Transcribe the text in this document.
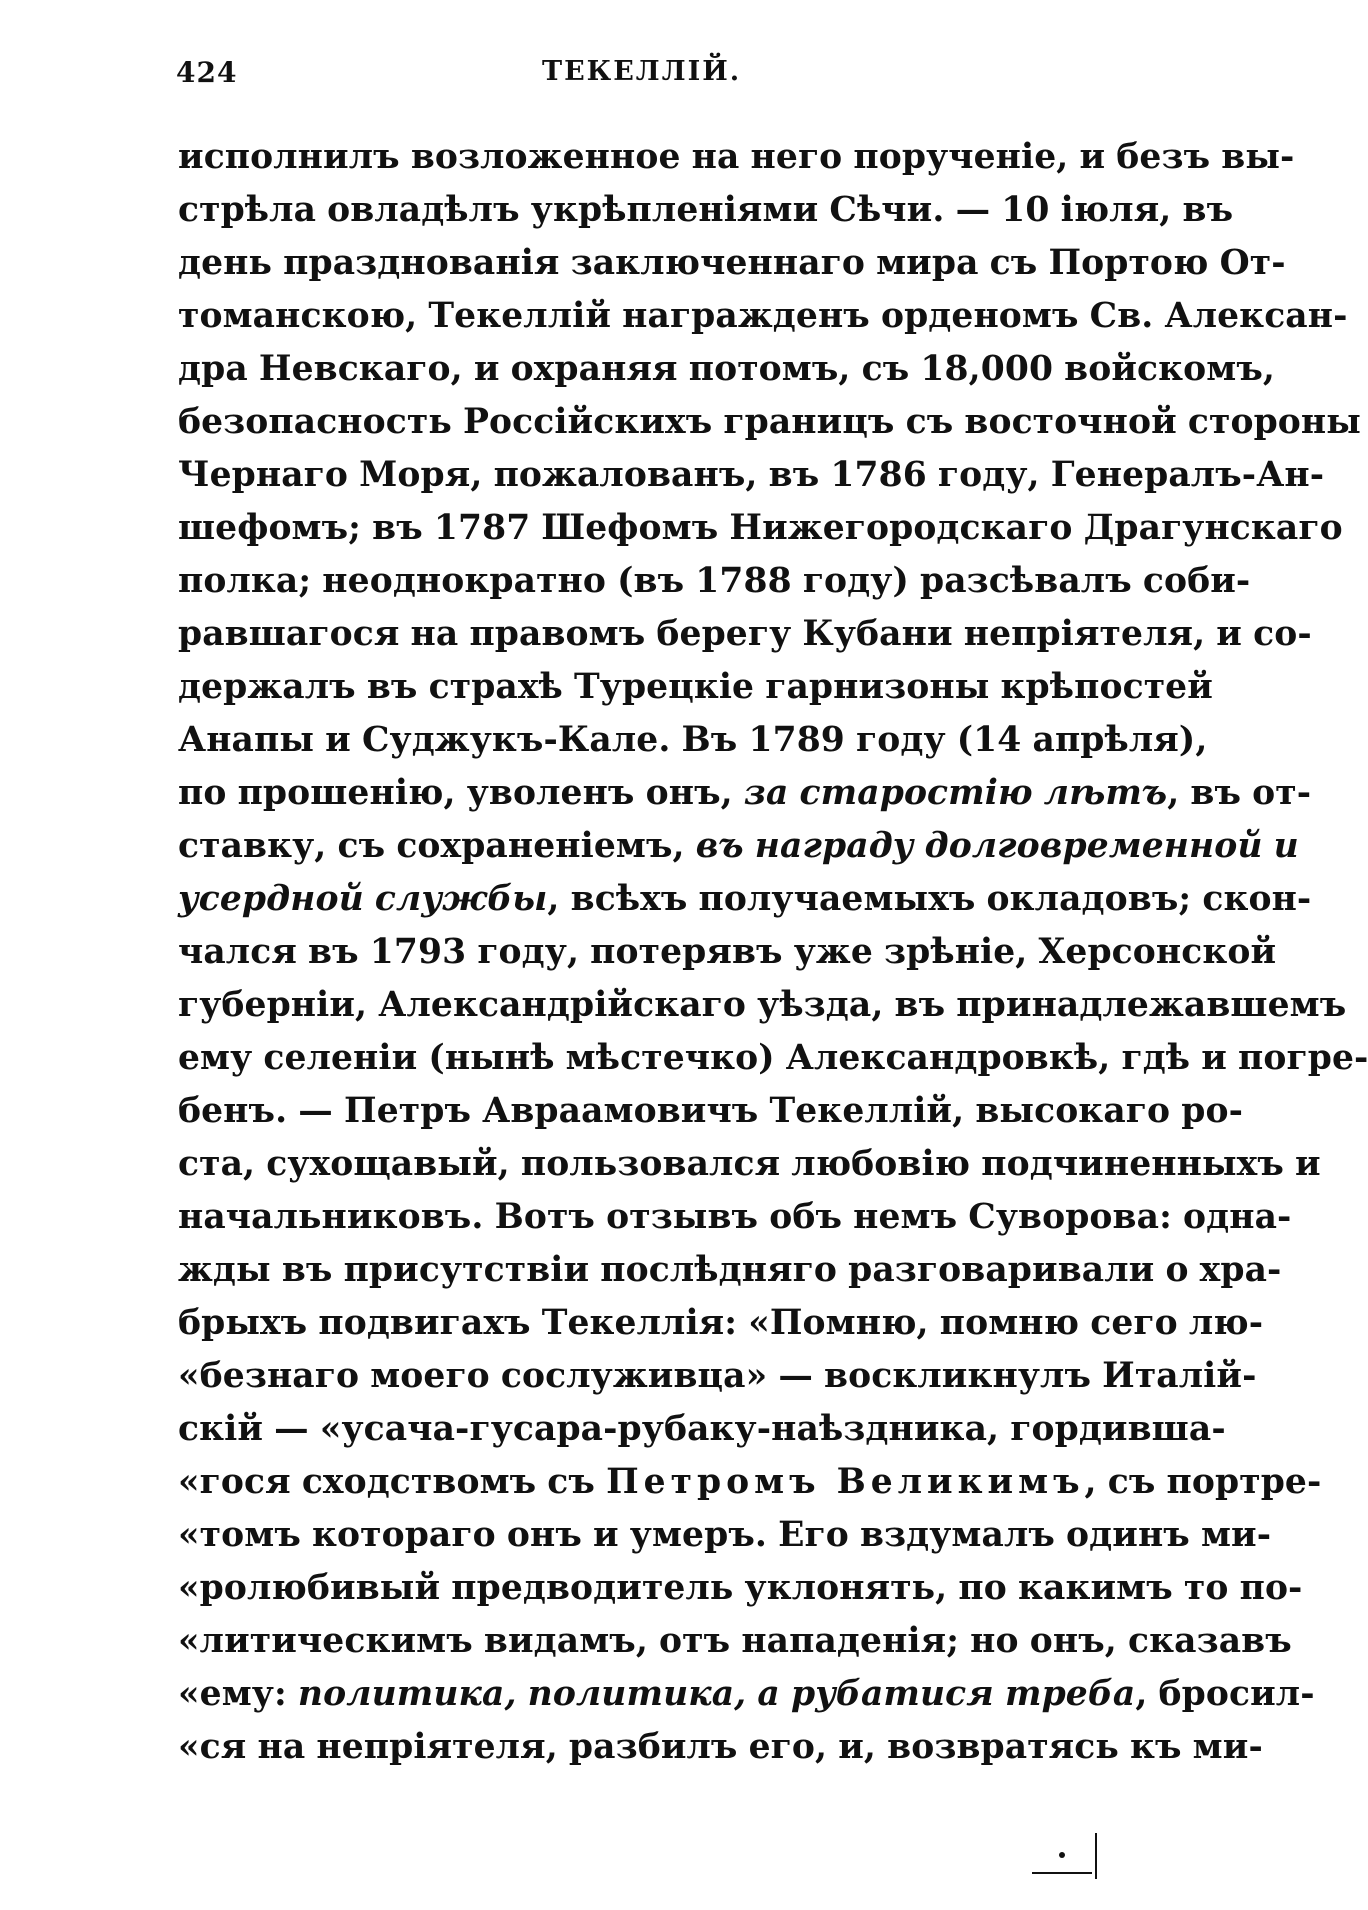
424	ТЕКЕЛЛІЙ.
исполнилъ возложенное на него порученіе, и безъ вы-
стрѣла овладѣлъ укрѣпленіями Сѣчи. — 10 іюля, въ
день празднованія заключеннаго мира съ Портою От-
томанскою, Текеллій награжденъ орденомъ Св. Алексан-
дра Невскаго, и охраняя потомъ, съ 18,000 войскомъ,
безопасность Россійскихъ границъ съ восточной стороны
Чернаго Моря, пожалованъ, въ 1786 году, Генералъ-Ан-
шефомъ; въ 1787 Шефомъ Нижегородскаго Драгунскаго
полка; неоднократно (въ 1788 году) разсѣвалъ соби-
равшагося на правомъ берегу Кубани непріятеля, и со-
держалъ въ страхѣ Турецкіе гарнизоны крѣпостей
Анапы и Суджукъ-Кале. Въ 1789 году (14 апрѣля),
по прошенію, уволенъ онъ, за старостію лѣтъ, въ от-
ставку, съ сохраненіемъ, въ награду долговременной и
усердной службы, всѣхъ получаемыхъ окладовъ; скон-
чался въ 1793 году, потерявъ уже зрѣніе, Херсонской
губерніи, Александрійскаго уѣзда, въ принадлежавшемъ
ему селеніи (нынѣ мѣстечко) Александровкѣ, гдѣ и погре-
бенъ. — Петръ Авраамовичъ Текеллій, высокаго ро-
ста, сухощавый, пользовался любовію подчиненныхъ и
начальниковъ. Вотъ отзывъ объ немъ Суворова: одна-
жды въ присутствіи послѣдняго разговаривали о хра-
брыхъ подвигахъ Текеллія: «Помню, помню сего лю-
«безнаго моего сослуживца» — воскликнулъ Италій-
скій — «усача-гусара-рубаку-наѣздника, гордившa-
«гося сходствомъ съ Петромъ Великимъ, съ портре-
«томъ котораго онъ и умеръ. Его вздумалъ одинъ ми-
«ролюбивый предводитель уклонять, по какимъ то по-
«литическимъ видамъ, отъ нападенія; но онъ, сказавъ
«ему: политика, политика, а рубатися треба, бросил-
«ся на непріятеля, разбилъ его, и, возвратясь къ ми-
